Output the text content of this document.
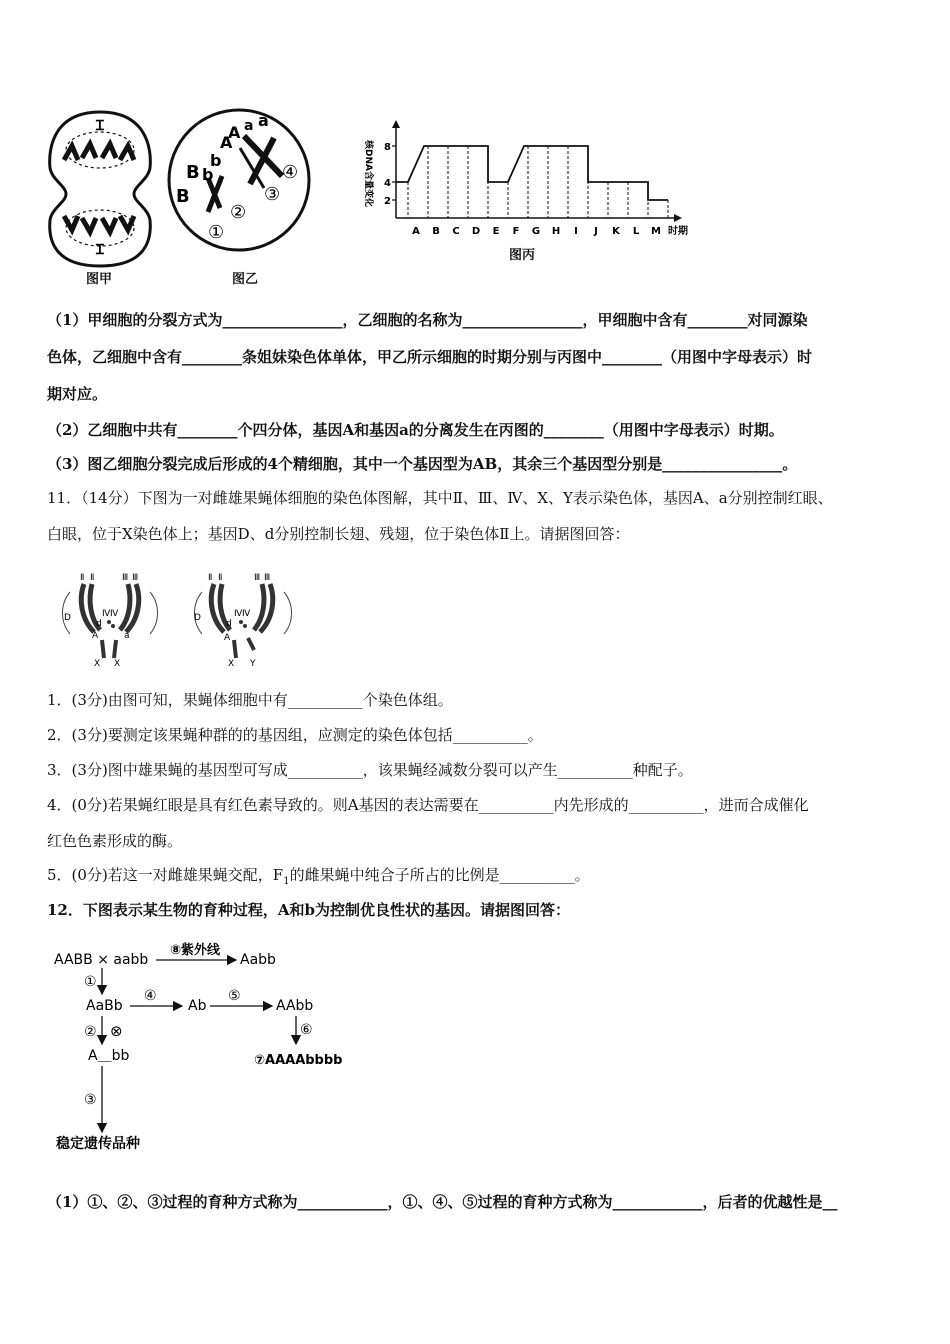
Ɪ
Ɪ
图甲
A a
A
a
B
b
B
b
①
②
③
④
图乙
核DNA含量变化 2
4
8
A B C D E F G H I J K L M 时期
图丙
（1）甲细胞的分裂方式为________________，乙细胞的名称为________________，甲细胞中含有________对同源染
色体，乙细胞中含有________条姐妹染色体单体，甲乙所示细胞的时期分别与丙图中________（用图中字母表示）时
期对应。
（2）乙细胞中共有________个四分体，基因A和基因a的分离发生在丙图的________（用图中字母表示）时期。
（3）图乙细胞分裂完成后形成的4个精细胞，其中一个基因型为AB，其余三个基因型分别是________________。
11．（14分）下图为一对雌雄果蝇体细胞的染色体图解，其中Ⅱ、Ⅲ、Ⅳ、X、Y表示染色体，基因A、a分别控制红眼、
白眼，位于X染色体上；基因D、d分别控制长翅、残翅，位于染色体Ⅱ上。请据图回答：
Ⅱ Ⅱ	Ⅲ Ⅲ
Ⅳ Ⅳ
D
d
A	a
X X
Ⅱ Ⅱ	Ⅲ Ⅲ
Ⅳ Ⅳ
D
d
A
X Y
1．(3分)由图可知，果蝇体细胞中有__________个染色体组。
2．(3分)要测定该果蝇种群的的基因组，应测定的染色体包括__________。
3．(3分)图中雄果蝇的基因型可写成__________，该果蝇经减数分裂可以产生__________种配子。
4．(0分)若果蝇红眼是具有红色素导致的。则A基因的表达需要在__________内先形成的__________，进而合成催化
红色色素形成的酶。
5．(0分)若这一对雌雄果蝇交配，$F_1$的雌果蝇中纯合子所占的比例是__________。
12．下图表示某生物的育种过程，A和b为控制优良性状的基因。请据图回答：
AABB × aabb
⑧紫外线
Aabb
①
AaBb
④
Ab
⑤
AAbb
② ⊗	⑥
A＿bb	⑦AAAAbbbb
③
稳定遗传品种
（1）①、②、③过程的育种方式称为____________，①、④、⑤过程的育种方式称为____________，后者的优越性是__
